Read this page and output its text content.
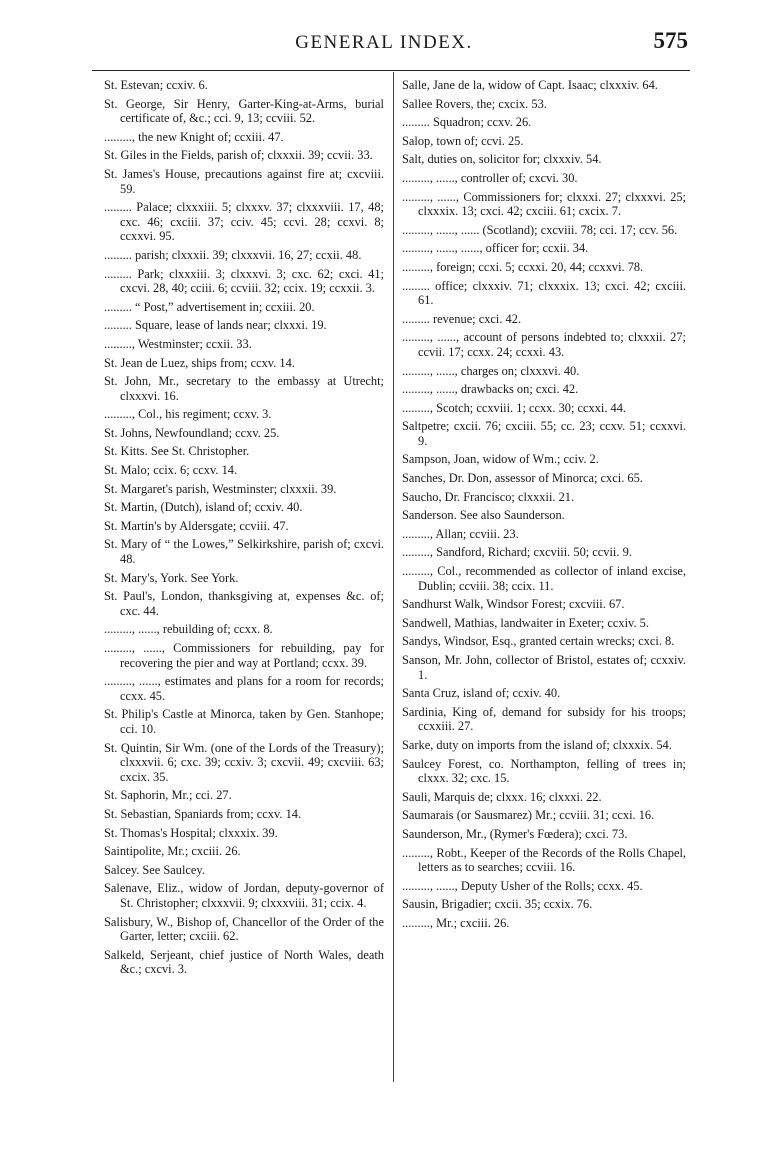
GENERAL INDEX.	575
St. Estevan; ccxiv. 6.
St. George, Sir Henry, Garter-King-at-Arms, burial certificate of, &c.; cci. 9, 13; ccviii. 52.
........., the new Knight of; ccxiii. 47.
St. Giles in the Fields, parish of; clxxxii. 39; ccvii. 33.
St. James's House, precautions against fire at; cxcviii. 59.
......... Palace; clxxxiii. 5; clxxxv. 37; clxxxviii. 17, 48; cxc. 46; cxciii. 37; cciv. 45; ccvi. 28; ccxvi. 8; ccxxvi. 95.
......... parish; clxxxii. 39; clxxxvii. 16, 27; ccxii. 48.
......... Park; clxxxiii. 3; clxxxvi. 3; cxc. 62; cxci. 41; cxcvi. 28, 40; cciii. 6; ccviii. 32; ccix. 19; ccxxii. 3.
......... “ Post,” advertisement in; ccxiii. 20.
......... Square, lease of lands near; clxxxi. 19.
........., Westminster; ccxii. 33.
St. Jean de Luez, ships from; ccxv. 14.
St. John, Mr., secretary to the embassy at Utrecht; clxxxvi. 16.
........., Col., his regiment; ccxv. 3.
St. Johns, Newfoundland; ccxv. 25.
St. Kitts. See St. Christopher.
St. Malo; ccix. 6; ccxv. 14.
St. Margaret's parish, Westminster; clxxxii. 39.
St. Martin, (Dutch), island of; ccxiv. 40.
St. Martin's by Aldersgate; ccviii. 47.
St. Mary of “ the Lowes,” Selkirkshire, parish of; cxcvi. 48.
St. Mary's, York. See York.
St. Paul's, London, thanksgiving at, expenses &c. of; cxc. 44.
........., ......, rebuilding of; ccxx. 8.
........., ......, Commissioners for rebuilding, pay for recovering the pier and way at Portland; ccxx. 39.
........., ......, estimates and plans for a room for records; ccxx. 45.
St. Philip's Castle at Minorca, taken by Gen. Stanhope; cci. 10.
St. Quintin, Sir Wm. (one of the Lords of the Treasury); clxxxvii. 6; cxc. 39; ccxiv. 3; cxcvii. 49; cxcviii. 63; cxcix. 35.
St. Saphorin, Mr.; cci. 27.
St. Sebastian, Spaniards from; ccxv. 14.
St. Thomas's Hospital; clxxxix. 39.
Saintipolite, Mr.; cxciii. 26.
Salcey. See Saulcey.
Salenave, Eliz., widow of Jordan, deputy-governor of St. Christopher; clxxxvii. 9; clxxxviii. 31; ccix. 4.
Salisbury, W., Bishop of, Chancellor of the Order of the Garter, letter; cxciii. 62.
Salkeld, Serjeant, chief justice of North Wales, death &c.; cxcvi. 3.
Salle, Jane de la, widow of Capt. Isaac; clxxxiv. 64.
Sallee Rovers, the; cxcix. 53.
......... Squadron; ccxv. 26.
Salop, town of; ccvi. 25.
Salt, duties on, solicitor for; clxxxiv. 54.
........., ......, controller of; cxcvi. 30.
........., ......, Commissioners for; clxxxi. 27; clxxxvi. 25; clxxxix. 13; cxci. 42; cxciii. 61; cxcix. 7.
........., ......, ...... (Scotland); cxcviii. 78; cci. 17; ccv. 56.
........., ......, ......, officer for; ccxii. 34.
........., foreign; ccxi. 5; ccxxi. 20, 44; ccxxvi. 78.
......... office; clxxxiv. 71; clxxxix. 13; cxci. 42; cxciii. 61.
......... revenue; cxci. 42.
........., ......, account of persons indebted to; clxxxii. 27; ccvii. 17; ccxx. 24; ccxxi. 43.
........., ......, charges on; clxxxvi. 40.
........., ......, drawbacks on; cxci. 42.
........., Scotch; ccxviii. 1; ccxx. 30; ccxxi. 44.
Saltpetre; cxcii. 76; cxciii. 55; cc. 23; ccxv. 51; ccxxvi. 9.
Sampson, Joan, widow of Wm.; cciv. 2.
Sanches, Dr. Don, assessor of Minorca; cxci. 65.
Saucho, Dr. Francisco; clxxxii. 21.
Sanderson. See also Saunderson.
........., Allan; ccviii. 23.
........., Sandford, Richard; cxcviii. 50; ccvii. 9.
........., Col., recommended as collector of inland excise, Dublin; ccviii. 38; ccix. 11.
Sandhurst Walk, Windsor Forest; cxcviii. 67.
Sandwell, Mathias, landwaiter in Exeter; ccxiv. 5.
Sandys, Windsor, Esq., granted certain wrecks; cxci. 8.
Sanson, Mr. John, collector of Bristol, estates of; ccxxiv. 1.
Santa Cruz, island of; ccxiv. 40.
Sardinia, King of, demand for subsidy for his troops; ccxxiii. 27.
Sarke, duty on imports from the island of; clxxxix. 54.
Saulcey Forest, co. Northampton, felling of trees in; clxxx. 32; cxc. 15.
Sauli, Marquis de; clxxx. 16; clxxxi. 22.
Saumarais (or Sausmarez) Mr.; ccviii. 31; ccxi. 16.
Saunderson, Mr., (Rymer's Fœdera); cxci. 73.
........., Robt., Keeper of the Records of the Rolls Chapel, letters as to searches; ccviii. 16.
........., ......, Deputy Usher of the Rolls; ccxx. 45.
Sausin, Brigadier; cxcii. 35; ccxix. 76.
........., Mr.; cxciii. 26.
